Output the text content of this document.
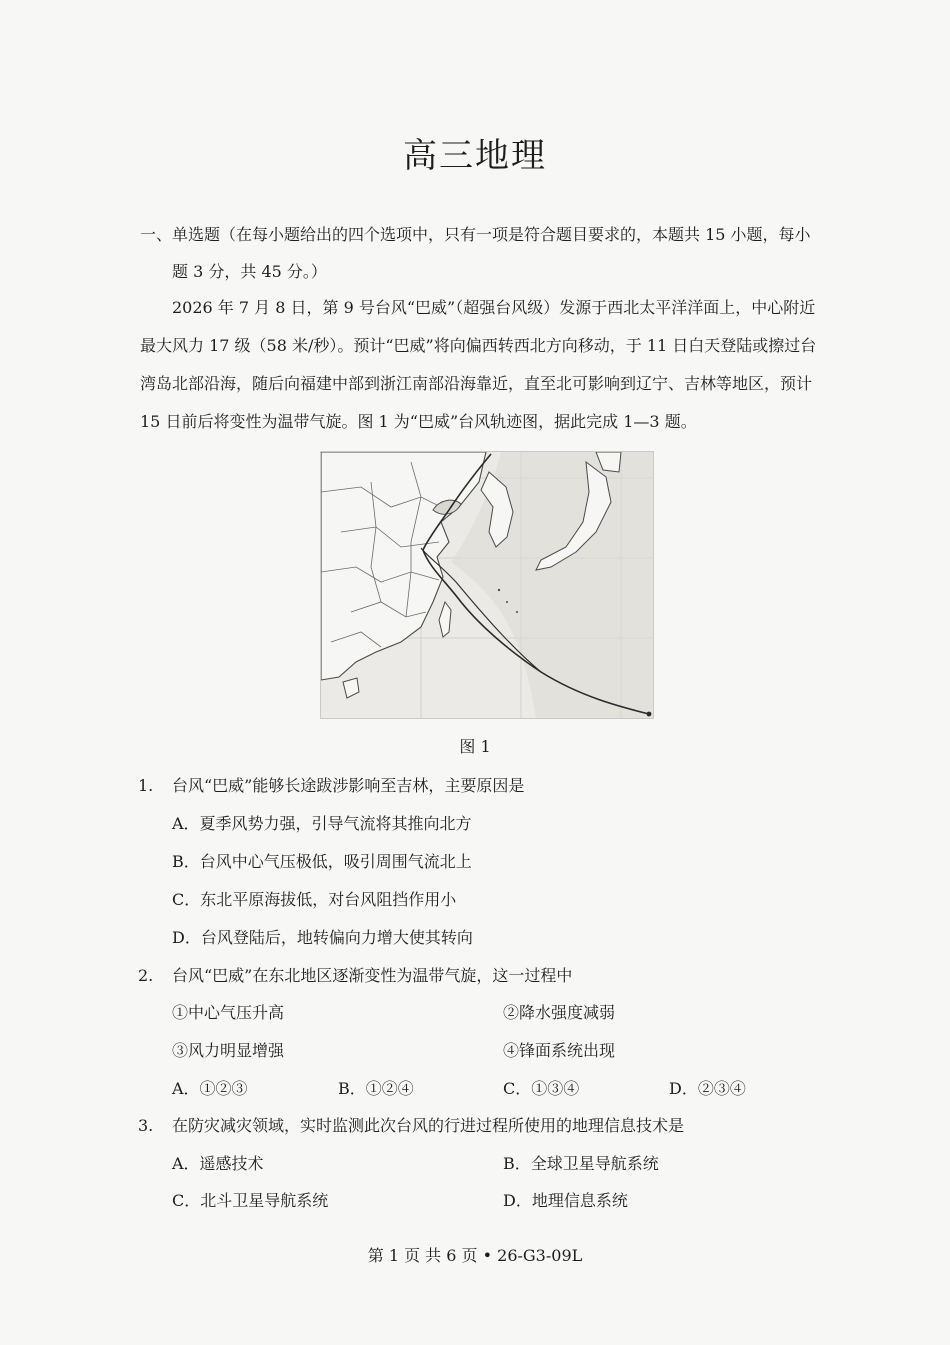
高三地理
一、单选题（在每小题给出的四个选项中，只有一项是符合题目要求的，本题共 15 小题，每小
题 3 分，共 45 分。）
2026 年 7 月 8 日，第 9 号台风“巴威”（超强台风级）发源于西北太平洋洋面上，中心附近
最大风力 17 级（58 米/秒）。预计“巴威”将向偏西转西北方向移动，于 11 日白天登陆或擦过台
湾岛北部沿海，随后向福建中部到浙江南部沿海靠近，直至北可影响到辽宁、吉林等地区，预计
15 日前后将变性为温带气旋。图 1 为“巴威”台风轨迹图，据此完成 1—3 题。
图 1
1. 台风“巴威”能够长途跋涉影响至吉林，主要原因是
A．夏季风势力强，引导气流将其推向北方
B．台风中心气压极低，吸引周围气流北上
C．东北平原海拔低，对台风阻挡作用小
D．台风登陆后，地转偏向力增大使其转向
2. 台风“巴威”在东北地区逐渐变性为温带气旋，这一过程中
①中心气压升高	②降水强度减弱
③风力明显增强	④锋面系统出现
A．①②③	B．①②④	C．①③④	D．②③④
3. 在防灾减灾领域，实时监测此次台风的行进过程所使用的地理信息技术是
A．遥感技术	B．全球卫星导航系统
C．北斗卫星导航系统	D．地理信息系统
第 1 页 共 6 页 • 26-G3-09L
